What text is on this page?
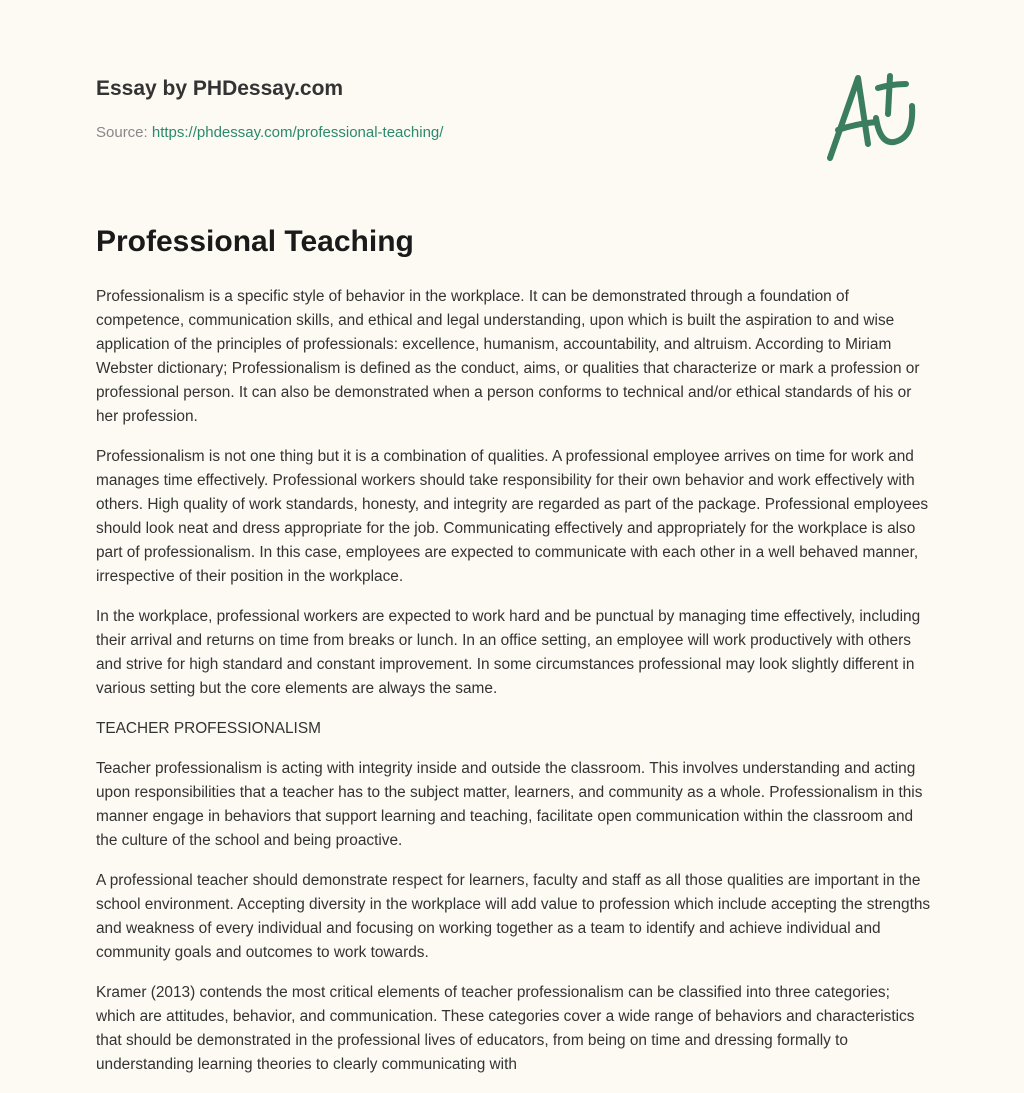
Essay by PHDessay.com

Source: https://phdessay.com/professional-teaching/
Professional Teaching

Professionalism is a specific style of behavior in the workplace. It can be demonstrated through a foundation of competence, communication skills, and ethical and legal understanding, upon which is built the aspiration to and wise application of the principles of professionals: excellence, humanism, accountability, and altruism. According to Miriam Webster dictionary; Professionalism is defined as the conduct, aims, or qualities that characterize or mark a profession or professional person. It can also be demonstrated when a person conforms to technical and/or ethical standards of his or her profession.

Professionalism is not one thing but it is a combination of qualities. A professional employee arrives on time for work and manages time effectively. Professional workers should take responsibility for their own behavior and work effectively with others. High quality of work standards, honesty, and integrity are regarded as part of the package. Professional employees should look neat and dress appropriate for the job. Communicating effectively and appropriately for the workplace is also part of professionalism. In this case, employees are expected to communicate with each other in a well behaved manner, irrespective of their position in the workplace.

In the workplace, professional workers are expected to work hard and be punctual by managing time effectively, including their arrival and returns on time from breaks or lunch. In an office setting, an employee will work productively with others and strive for high standard and constant improvement. In some circumstances professional may look slightly different in various setting but the core elements are always the same.

TEACHER PROFESSIONALISM

Teacher professionalism is acting with integrity inside and outside the classroom. This involves understanding and acting upon responsibilities that a teacher has to the subject matter, learners, and community as a whole. Professionalism in this manner engage in behaviors that support learning and teaching, facilitate open communication within the classroom and the culture of the school and being proactive.

A professional teacher should demonstrate respect for learners, faculty and staff as all those qualities are important in the school environment. Accepting diversity in the workplace will add value to profession which include accepting the strengths and weakness of every individual and focusing on working together as a team to identify and achieve individual and community goals and outcomes to work towards.

Kramer (2013) contends the most critical elements of teacher professionalism can be classified into three categories; which are attitudes, behavior, and communication. These categories cover a wide range of behaviors and characteristics that should be demonstrated in the professional lives of educators, from being on time and dressing formally to understanding learning theories to clearly communicating with
